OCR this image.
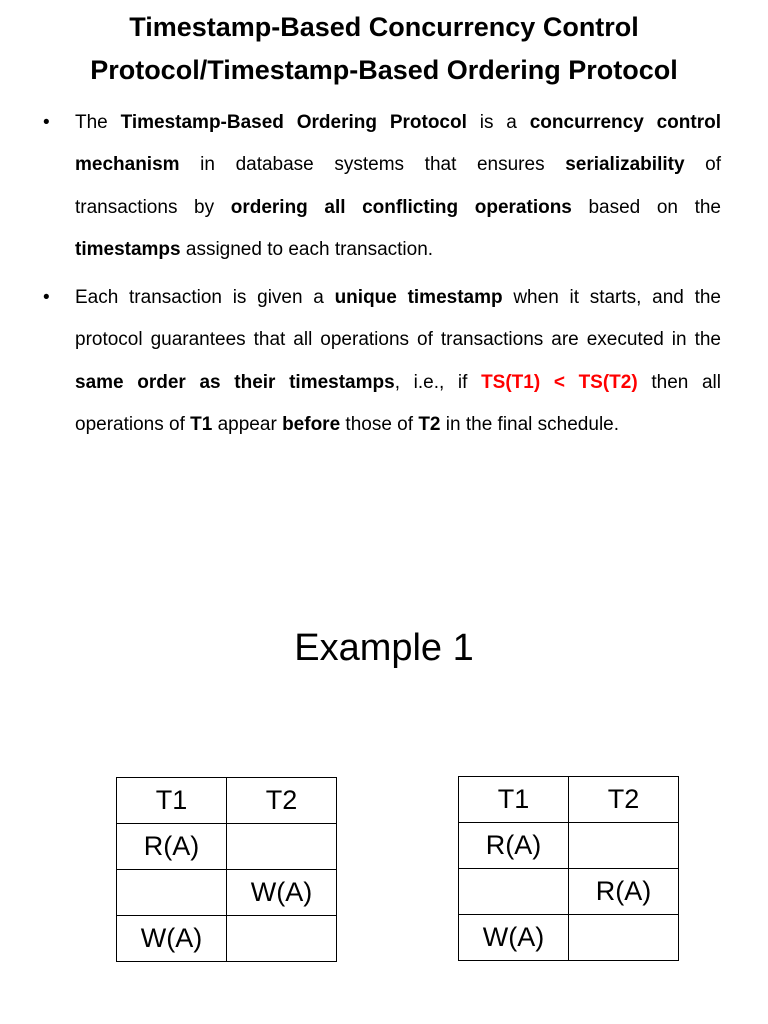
Timestamp-Based Concurrency Control
Protocol/Timestamp-Based Ordering Protocol
• The Timestamp-Based Ordering Protocol is a concurrency control mechanism in database systems that ensures serializability of transactions by ordering all conflicting operations based on the timestamps assigned to each transaction.
• Each transaction is given a unique timestamp when it starts, and the protocol guarantees that all operations of transactions are executed in the same order as their timestamps, i.e., if TS(T1) < TS(T2) then all operations of T1 appear before those of T2 in the final schedule.
Example 1
T1	T2
R(A)	
	W(A)
W(A)	
T1	T2
R(A)	
	R(A)
W(A)	
